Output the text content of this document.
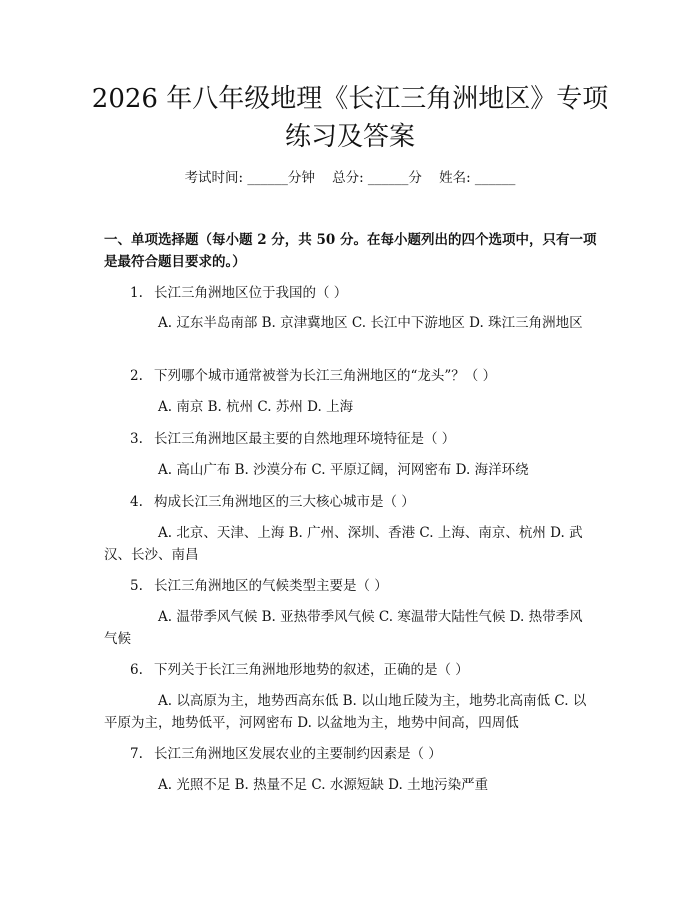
2026 年八年级地理《长江三角洲地区》专项
练习及答案
考试时间: ______分钟    总分: ______分    姓名: ______

一、单项选择题（每小题 2 分，共 50 分。在每小题列出的四个选项中，只有一项是最符合题目要求的。）

1. 长江三角洲地区位于我国的（ ）
A. 辽东半岛南部 B. 京津冀地区 C. 长江中下游地区 D. 珠江三角洲地区
2. 下列哪个城市通常被誉为长江三角洲地区的“龙头”？（ ）
A. 南京 B. 杭州 C. 苏州 D. 上海
3. 长江三角洲地区最主要的自然地理环境特征是（ ）
A. 高山广布 B. 沙漠分布 C. 平原辽阔，河网密布 D. 海洋环绕
4. 构成长江三角洲地区的三大核心城市是（ ）
A. 北京、天津、上海 B. 广州、深圳、香港 C. 上海、南京、杭州 D. 武汉、长沙、南昌
5. 长江三角洲地区的气候类型主要是（ ）
A. 温带季风气候 B. 亚热带季风气候 C. 寒温带大陆性气候 D. 热带季风气候
6. 下列关于长江三角洲地形地势的叙述，正确的是（ ）
A. 以高原为主，地势西高东低 B. 以山地丘陵为主，地势北高南低 C. 以平原为主，地势低平，河网密布 D. 以盆地为主，地势中间高，四周低
7. 长江三角洲地区发展农业的主要制约因素是（ ）
A. 光照不足 B. 热量不足 C. 水源短缺 D. 土地污染严重
